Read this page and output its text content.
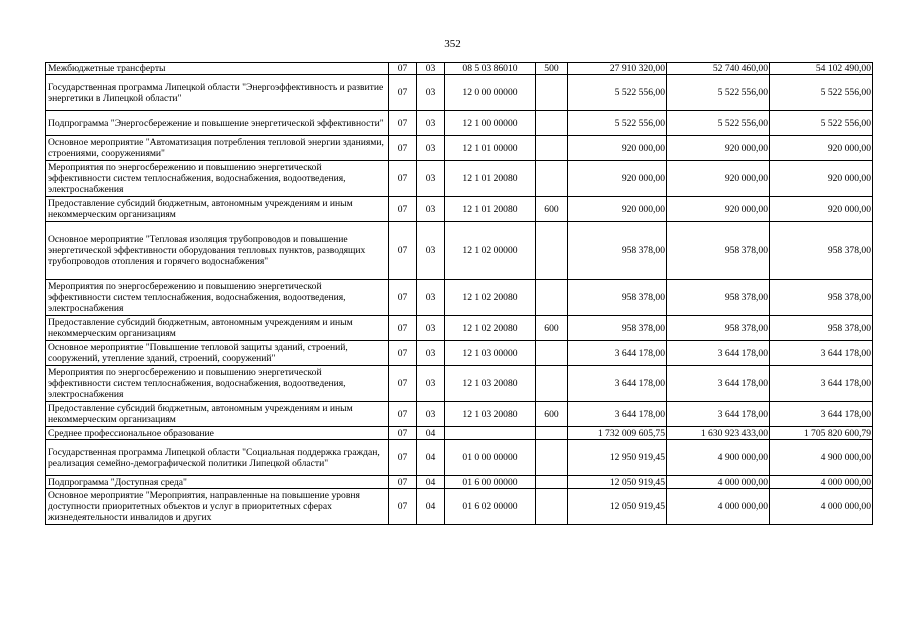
352
Межбюджетные трансферты	07	03	08 5 03 86010	500	27 910 320,00	52 740 460,00	54 102 490,00
Государственная программа Липецкой области "Энергоэффективность и развитие энергетики в Липецкой области"	07	03	12 0 00 00000		5 522 556,00	5 522 556,00	5 522 556,00
Подпрограмма "Энергосбережение и повышение энергетической эффективности"	07	03	12 1 00 00000		5 522 556,00	5 522 556,00	5 522 556,00
Основное мероприятие "Автоматизация потребления тепловой энергии зданиями, строениями, сооружениями"	07	03	12 1 01 00000		920 000,00	920 000,00	920 000,00
Мероприятия по энергосбережению и повышению энергетической эффективности систем теплоснабжения, водоснабжения, водоотведения, электроснабжения	07	03	12 1 01 20080		920 000,00	920 000,00	920 000,00
Предоставление субсидий бюджетным, автономным учреждениям и иным некоммерческим организациям	07	03	12 1 01 20080	600	920 000,00	920 000,00	920 000,00
Основное мероприятие "Тепловая изоляция трубопроводов и повышение энергетической эффективности оборудования тепловых пунктов, разводящих трубопроводов отопления и горячего водоснабжения"	07	03	12 1 02 00000		958 378,00	958 378,00	958 378,00
Мероприятия по энергосбережению и повышению энергетической эффективности систем теплоснабжения, водоснабжения, водоотведения, электроснабжения	07	03	12 1 02 20080		958 378,00	958 378,00	958 378,00
Предоставление субсидий бюджетным, автономным учреждениям и иным некоммерческим организациям	07	03	12 1 02 20080	600	958 378,00	958 378,00	958 378,00
Основное мероприятие "Повышение тепловой защиты зданий, строений, сооружений, утепление зданий, строений, сооружений"	07	03	12 1 03 00000		3 644 178,00	3 644 178,00	3 644 178,00
Мероприятия по энергосбережению и повышению энергетической эффективности систем теплоснабжения, водоснабжения, водоотведения, электроснабжения	07	03	12 1 03 20080		3 644 178,00	3 644 178,00	3 644 178,00
Предоставление субсидий бюджетным, автономным учреждениям и иным некоммерческим организациям	07	03	12 1 03 20080	600	3 644 178,00	3 644 178,00	3 644 178,00
Среднее профессиональное образование	07	04			1 732 009 605,75	1 630 923 433,00	1 705 820 600,79
Государственная программа Липецкой области "Социальная поддержка граждан, реализация семейно-демографической политики Липецкой области"	07	04	01 0 00 00000		12 950 919,45	4 900 000,00	4 900 000,00
Подпрограмма "Доступная среда"	07	04	01 6 00 00000		12 050 919,45	4 000 000,00	4 000 000,00
Основное мероприятие "Мероприятия, направленные на повышение уровня доступности приоритетных объектов и услуг в приоритетных сферах жизнедеятельности инвалидов и других	07	04	01 6 02 00000		12 050 919,45	4 000 000,00	4 000 000,00
